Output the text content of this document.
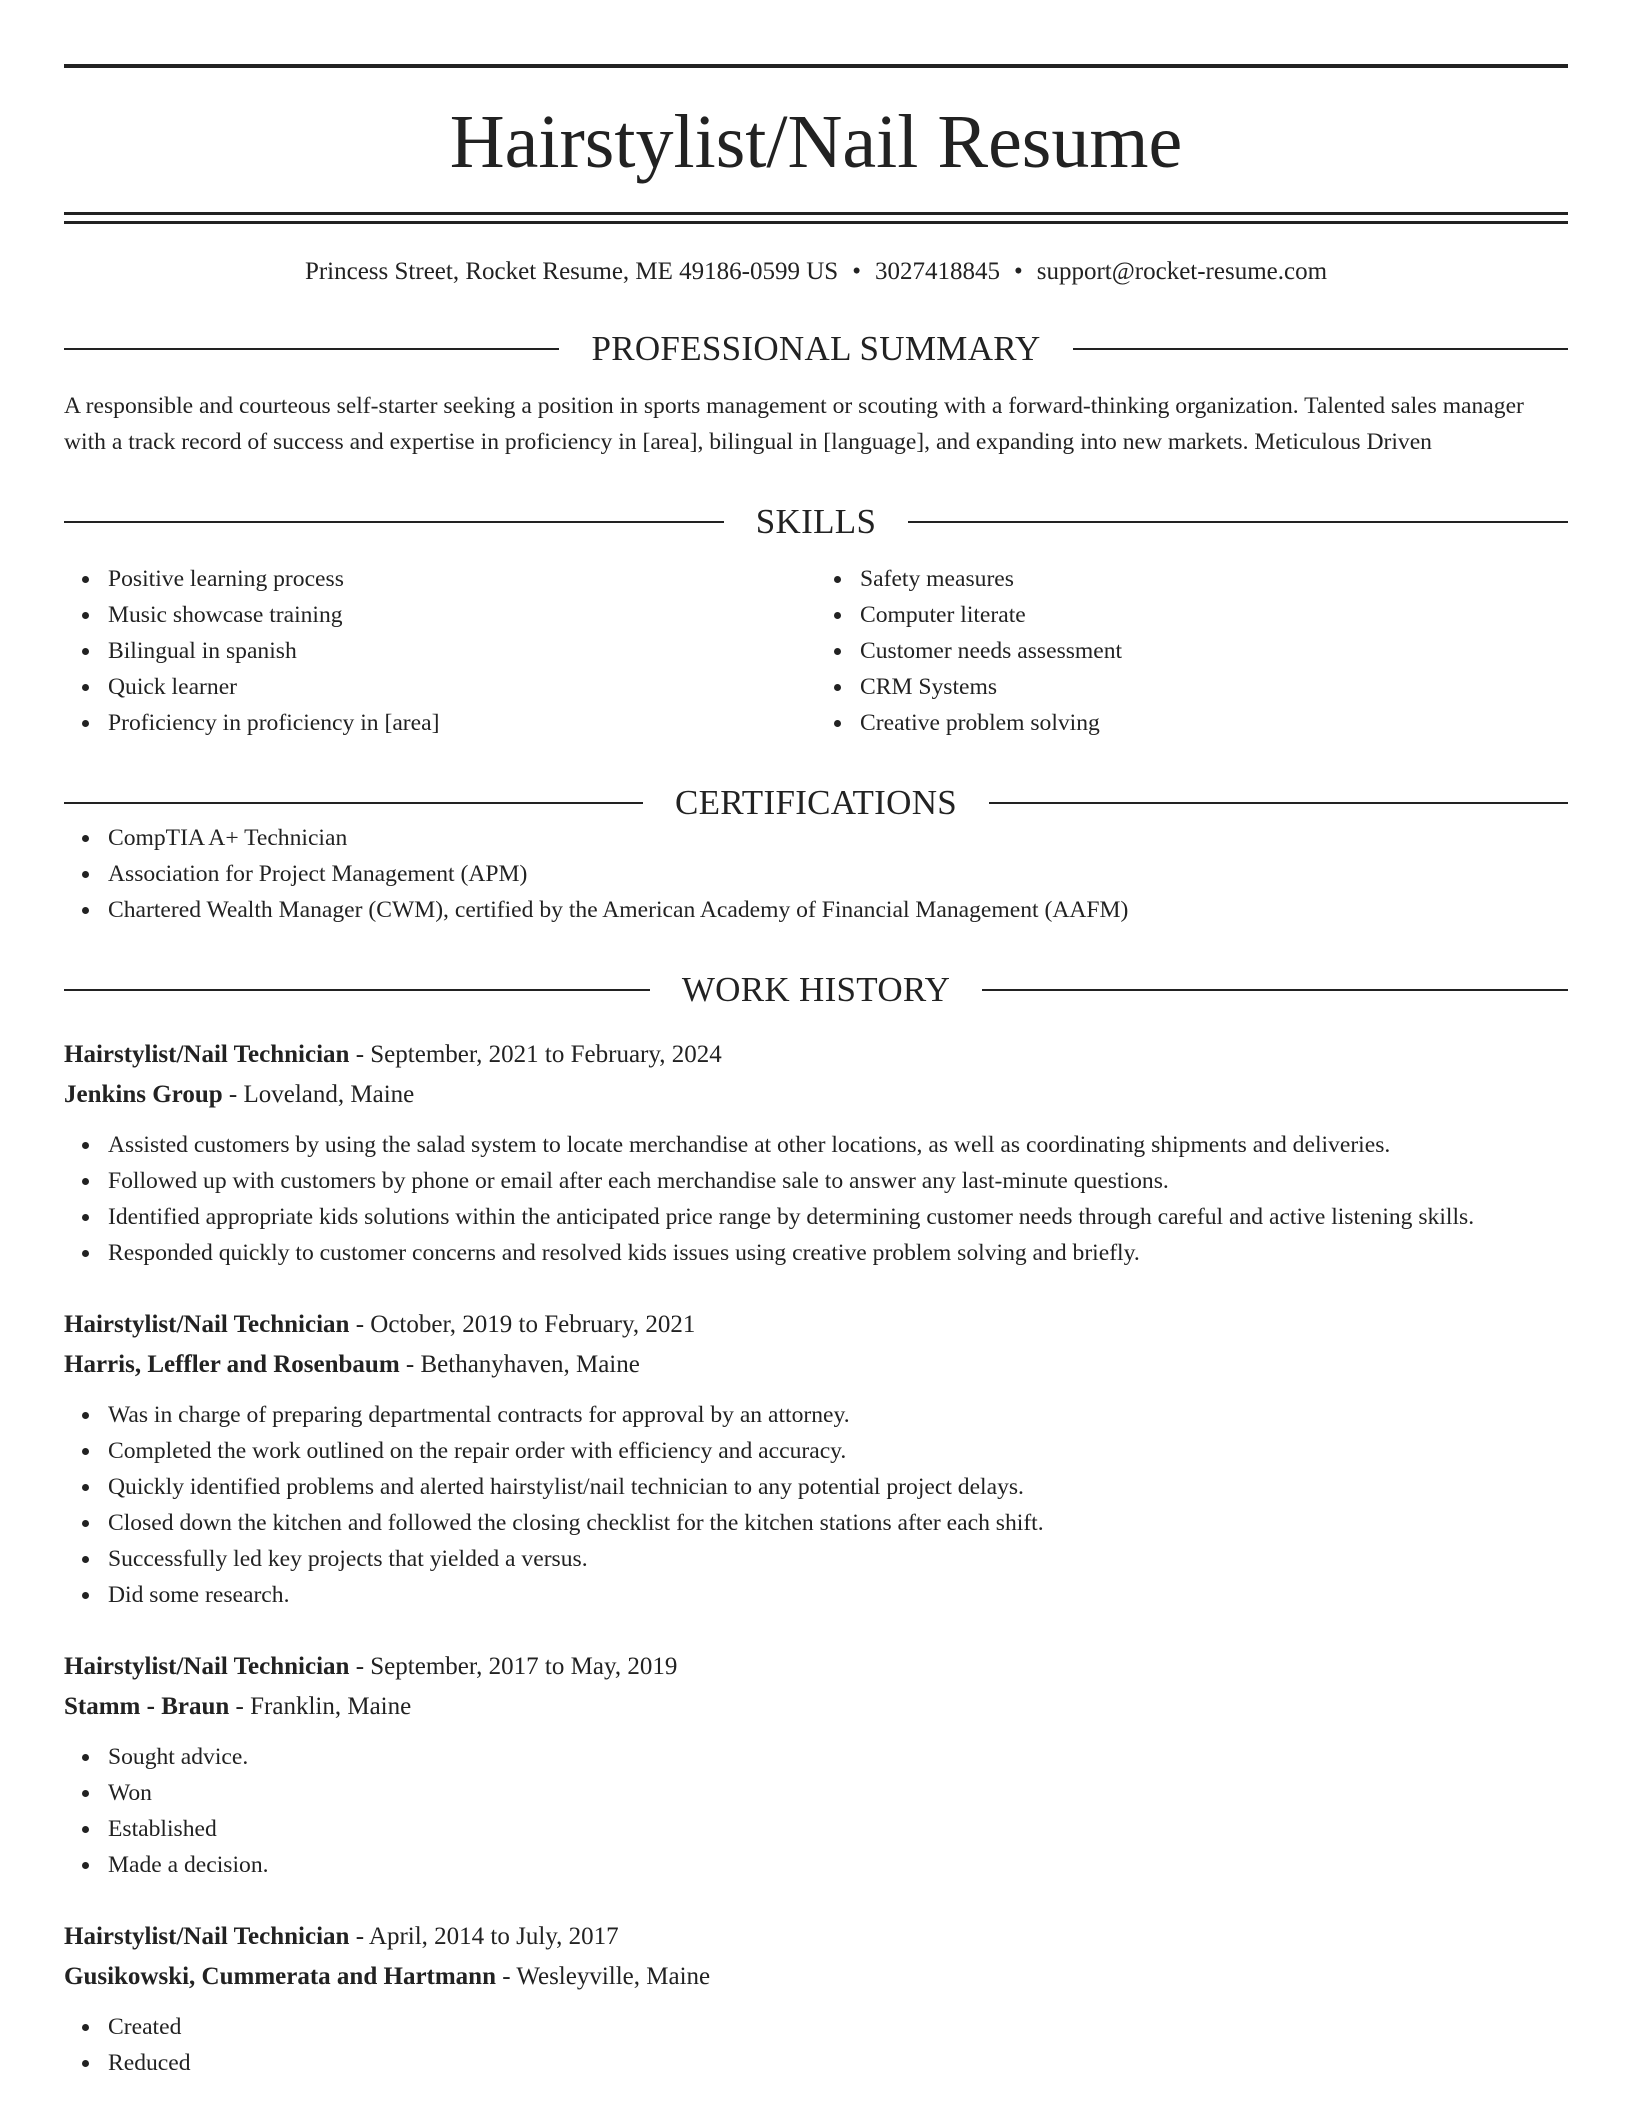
Hairstylist/Nail Resume
Princess Street, Rocket Resume, ME 49186-0599 US • 3027418845 • support@rocket-resume.com
PROFESSIONAL SUMMARY
A responsible and courteous self-starter seeking a position in sports management or scouting with a forward-thinking organization. Talented sales manager with a track record of success and expertise in proficiency in [area], bilingual in [language], and expanding into new markets. Meticulous Driven
SKILLS
Positive learning process
Music showcase training
Bilingual in spanish
Quick learner
Proficiency in proficiency in [area]
Safety measures
Computer literate
Customer needs assessment
CRM Systems
Creative problem solving
CERTIFICATIONS
CompTIA A+ Technician
Association for Project Management (APM)
Chartered Wealth Manager (CWM), certified by the American Academy of Financial Management (AAFM)
WORK HISTORY
Hairstylist/Nail Technician - September, 2021 to February, 2024
Jenkins Group - Loveland, Maine
Assisted customers by using the salad system to locate merchandise at other locations, as well as coordinating shipments and deliveries.
Followed up with customers by phone or email after each merchandise sale to answer any last-minute questions.
Identified appropriate kids solutions within the anticipated price range by determining customer needs through careful and active listening skills.
Responded quickly to customer concerns and resolved kids issues using creative problem solving and briefly.
Hairstylist/Nail Technician - October, 2019 to February, 2021
Harris, Leffler and Rosenbaum - Bethanyhaven, Maine
Was in charge of preparing departmental contracts for approval by an attorney.
Completed the work outlined on the repair order with efficiency and accuracy.
Quickly identified problems and alerted hairstylist/nail technician to any potential project delays.
Closed down the kitchen and followed the closing checklist for the kitchen stations after each shift.
Successfully led key projects that yielded a versus.
Did some research.
Hairstylist/Nail Technician - September, 2017 to May, 2019
Stamm - Braun - Franklin, Maine
Sought advice.
Won
Established
Made a decision.
Hairstylist/Nail Technician - April, 2014 to July, 2017
Gusikowski, Cummerata and Hartmann - Wesleyville, Maine
Created
Reduced
